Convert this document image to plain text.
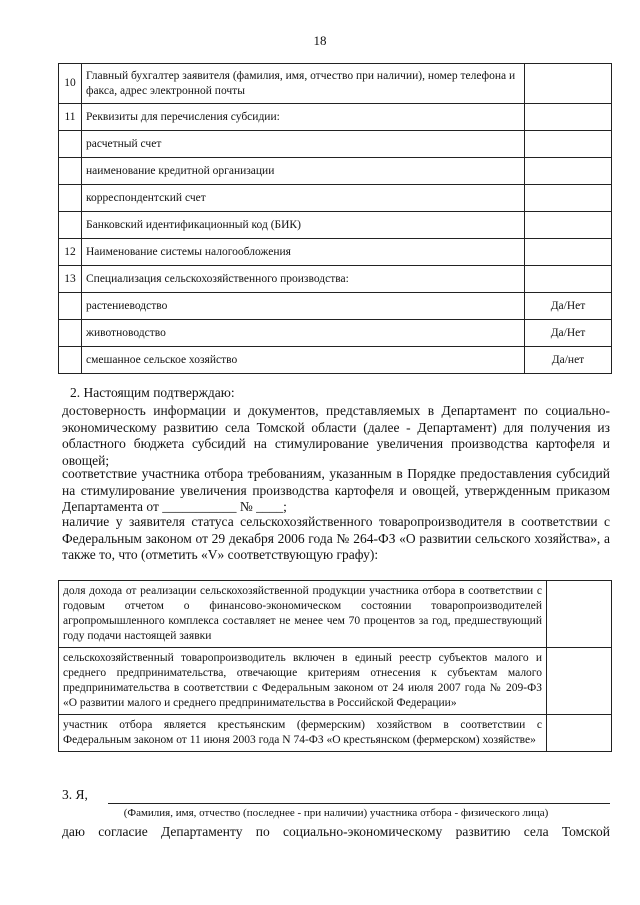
18
10	Главный бухгалтер заявителя (фамилия, имя, отчество при наличии), номер телефона и факса, адрес электронной почты	
11	Реквизиты для перечисления субсидии:	
	расчетный счет	
	наименование кредитной организации	
	корреспондентский счет	
	Банковский идентификационный код (БИК)	
12	Наименование системы налогообложения	
13	Специализация сельскохозяйственного производства:	
	растениеводство	Да/Нет
	животноводство	Да/Нет
	смешанное сельское хозяйство	Да/нет

2. Настоящим подтверждаю:

достоверность информации и документов, представляемых в Департамент по социально-экономическому развитию села Томской области (далее - Департамент) для получения из областного бюджета субсидий на стимулирование увеличения производства картофеля и овощей;

соответствие участника отбора требованиям, указанным в Порядке предоставления субсидий на стимулирование увеличения производства картофеля и овощей, утвержденным приказом Департамента от ___________ № ____;

наличие у заявителя статуса сельскохозяйственного товаропроизводителя в соответствии с Федеральным законом от 29 декабря 2006 года № 264-ФЗ «О развитии сельского хозяйства», а также то, что (отметить «V» соответствующую графу):

доля дохода от реализации сельскохозяйственной продукции участника отбора в соответствии с годовым отчетом о финансово-экономическом состоянии товаропроизводителей агропромышленного комплекса составляет не менее чем 70 процентов за год, предшествующий году подачи настоящей заявки	
сельскохозяйственный товаропроизводитель включен в единый реестр субъектов малого и среднего предпринимательства, отвечающие критериям отнесения к субъектам малого предпринимательства в соответствии с Федеральным законом от 24 июля 2007 года № 209-ФЗ «О развитии малого и среднего предпринимательства в Российской Федерации»	
участник отбора является крестьянским (фермерским) хозяйством в соответствии с Федеральным законом от 11 июня 2003 года N 74-ФЗ «О крестьянском (фермерском) хозяйстве»	
3. Я,
(Фамилия, имя, отчество (последнее - при наличии) участника отбора - физического лица)
даю согласие Департаменту по социально-экономическому развитию села Томской
